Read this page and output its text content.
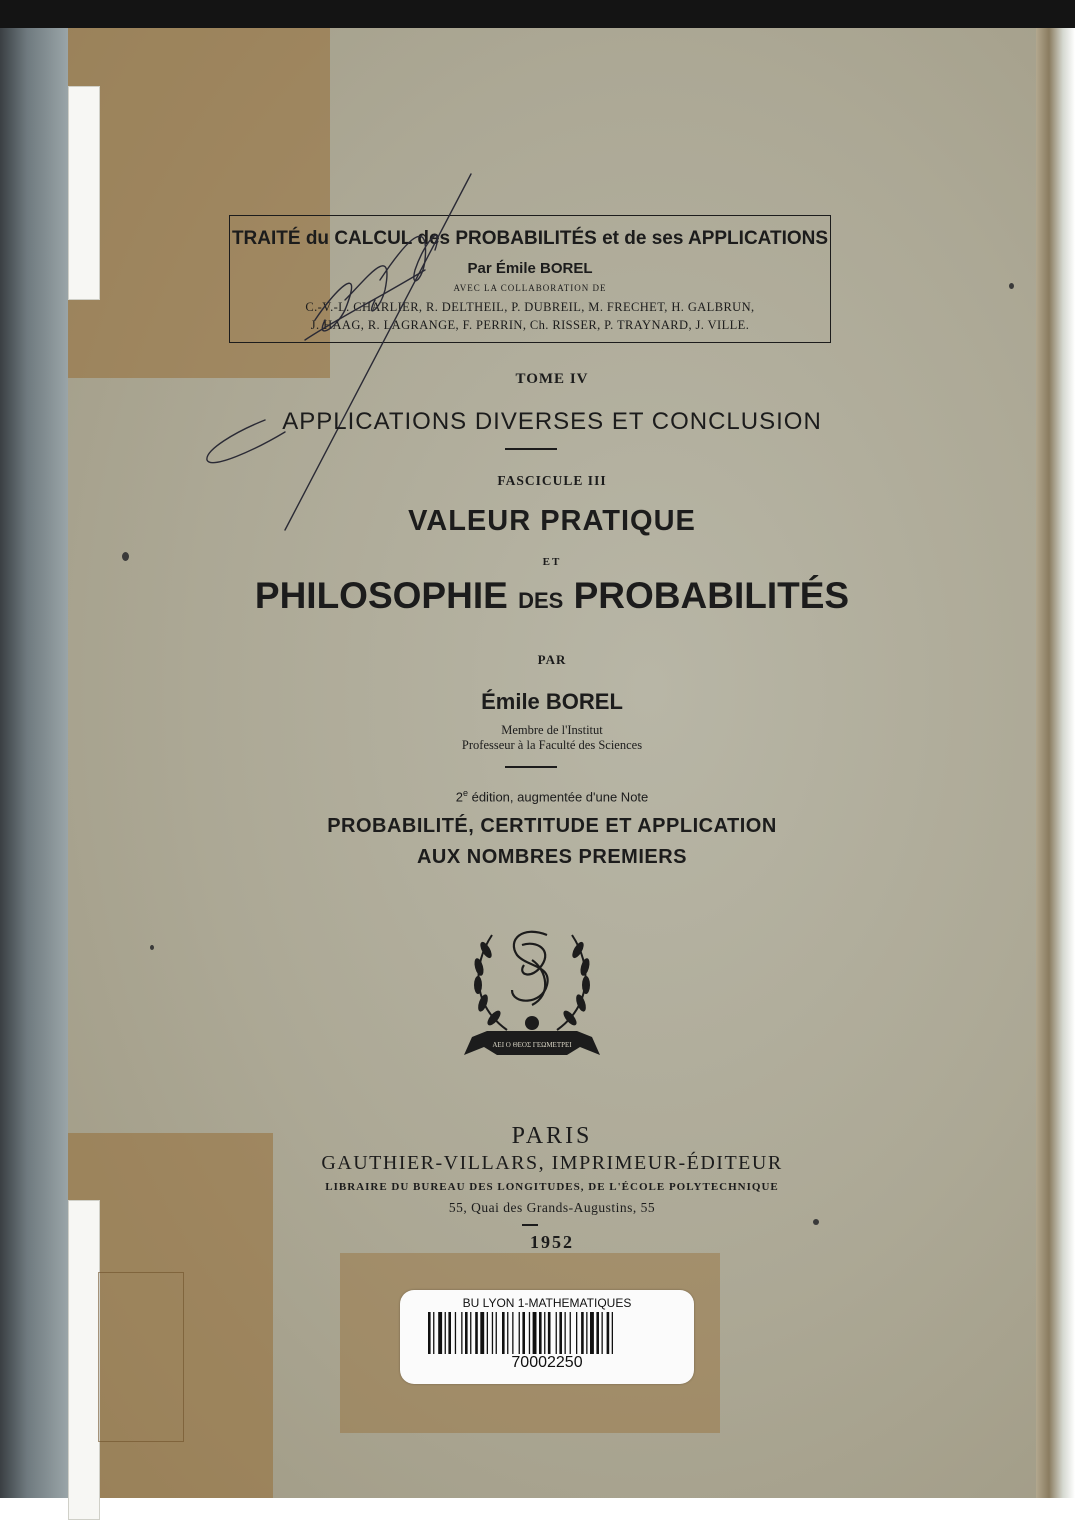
TRAITÉ du CALCUL des PROBABILITÉS et de ses APPLICATIONS
Par Émile BOREL
AVEC LA COLLABORATION DE
C.-V.-L. CHARLIER, R. DELTHEIL, P. DUBREIL, M. FRECHET, H. GALBRUN,
J. HAAG, R. LAGRANGE, F. PERRIN, Ch. RISSER, P. TRAYNARD, J. VILLE.
TOME IV
APPLICATIONS DIVERSES ET CONCLUSION
FASCICULE III
VALEUR PRATIQUE
ET
PHILOSOPHIE DES PROBABILITÉS
PAR
Émile BOREL
Membre de l'Institut
Professeur à la Faculté des Sciences
2e édition, augmentée d'une Note
PROBABILITÉ, CERTITUDE ET APPLICATION
AUX NOMBRES PREMIERS
ΑΕΙ Ο ΘΕΟΣ ΓΕΩΜΕΤΡΕΙ
PARIS
GAUTHIER-VILLARS, IMPRIMEUR-ÉDITEUR
LIBRAIRE DU BUREAU DES LONGITUDES, DE L'ÉCOLE POLYTECHNIQUE
55, Quai des Grands-Augustins, 55
1952
BU LYON 1-MATHEMATIQUES
70002250
